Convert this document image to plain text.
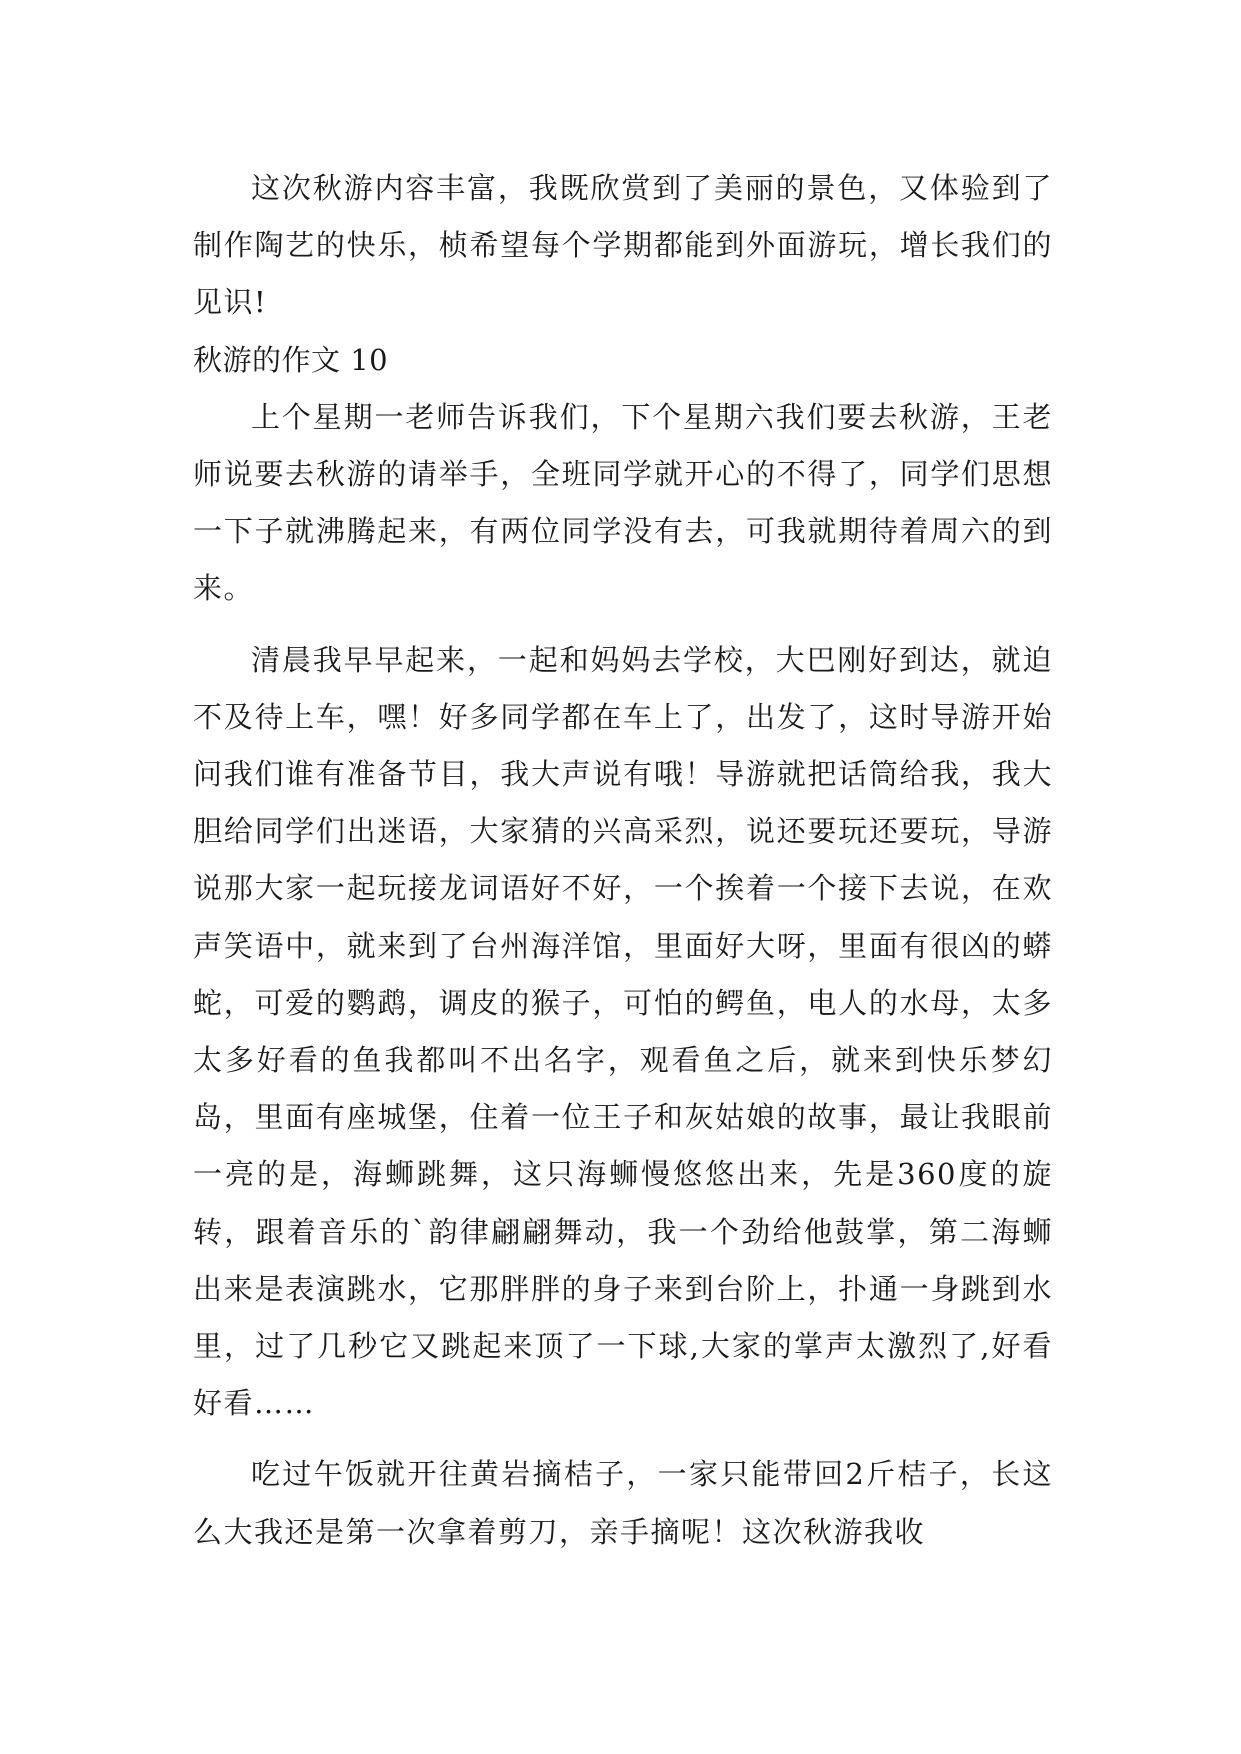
这次秋游内容丰富，我既欣赏到了美丽的景色，又体验到了制作陶艺的快乐，桢希望每个学期都能到外面游玩，增长我们的见识!

秋游的作文 10

上个星期一老师告诉我们，下个星期六我们要去秋游，王老师说要去秋游的请举手，全班同学就开心的不得了，同学们思想一下子就沸腾起来，有两位同学没有去，可我就期待着周六的到来。

清晨我早早起来，一起和妈妈去学校，大巴刚好到达，就迫不及待上车，嘿！好多同学都在车上了，出发了，这时导游开始问我们谁有准备节目，我大声说有哦！导游就把话筒给我，我大胆给同学们出迷语，大家猜的兴高采烈，说还要玩还要玩，导游说那大家一起玩接龙词语好不好，一个挨着一个接下去说，在欢声笑语中，就来到了台州海洋馆，里面好大呀，里面有很凶的蟒蛇，可爱的鹦鹉，调皮的猴子，可怕的鳄鱼，电人的水母，太多太多好看的鱼我都叫不出名字，观看鱼之后，就来到快乐梦幻岛，里面有座城堡，住着一位王子和灰姑娘的故事，最让我眼前一亮的是，海蛳跳舞，这只海蛳慢悠悠出来，先是360度的旋转，跟着音乐的`韵律翩翩舞动，我一个劲给他鼓掌，第二海蛳出来是表演跳水，它那胖胖的身子来到台阶上，扑通一身跳到水里，过了几秒它又跳起来顶了一下球,大家的掌声太激烈了,好看好看……

吃过午饭就开往黄岩摘桔子，一家只能带回2斤桔子，长这么大我还是第一次拿着剪刀，亲手摘呢！这次秋游我收
